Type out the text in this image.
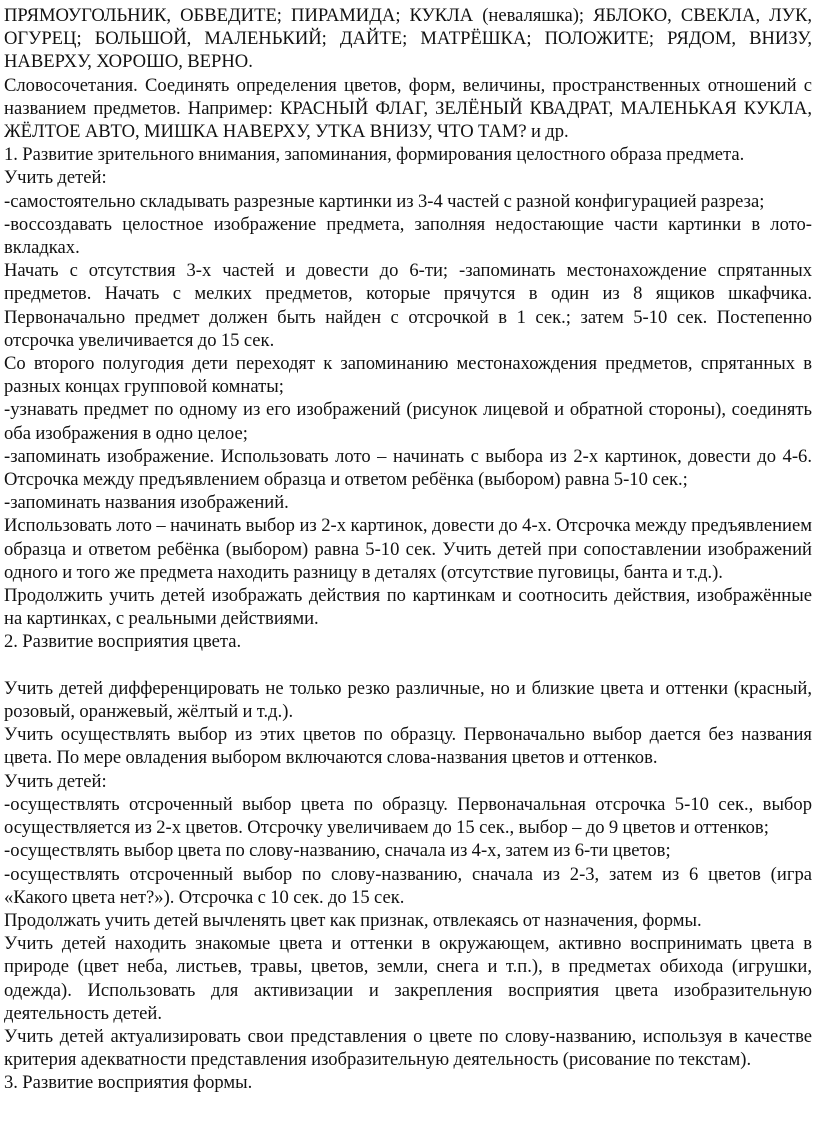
ПРЯМОУГОЛЬНИК, ОБВЕДИТЕ; ПИРАМИДА; КУКЛА (неваляшка); ЯБЛОКО, СВЕКЛА, ЛУК, ОГУРЕЦ; БОЛЬШОЙ, МАЛЕНЬКИЙ; ДАЙТЕ; МАТРЁШКА; ПОЛОЖИТЕ; РЯДОМ, ВНИЗУ, НАВЕРХУ, ХОРОШО, ВЕРНО.

Словосочетания. Соединять определения цветов, форм, величины, пространственных отношений с названием предметов. Например: КРАСНЫЙ ФЛАГ, ЗЕЛЁНЫЙ КВАДРАТ, МАЛЕНЬКАЯ КУКЛА, ЖЁЛТОЕ АВТО, МИШКА НАВЕРХУ, УТКА ВНИЗУ, ЧТО ТАМ? и др.

1. Развитие зрительного внимания, запоминания, формирования целостного образа предмета.

Учить детей:

-самостоятельно складывать разрезные картинки из 3-4 частей с разной конфигурацией разреза;

-воссоздавать целостное изображение предмета, заполняя недостающие части картинки в лото-вкладках.

Начать с отсутствия 3-х частей и довести до 6-ти; -запоминать местонахождение спрятанных предметов. Начать с мелких предметов, которые прячутся в один из 8 ящиков шкафчика. Первоначально предмет должен быть найден с отсрочкой в 1 сек.; затем 5-10 сек. Постепенно отсрочка увеличивается до 15 сек.

Со второго полугодия дети переходят к запоминанию местонахождения предметов, спрятанных в разных концах групповой комнаты;

-узнавать предмет по одному из его изображений (рисунок лицевой и обратной стороны), соединять оба изображения в одно целое;

-запоминать изображение. Использовать лото – начинать с выбора из 2-х картинок, довести до 4-6. Отсрочка между предъявлением образца и ответом ребёнка (выбором) равна 5-10 сек.;

-запоминать названия изображений.

Использовать лото – начинать выбор из 2-х картинок, довести до 4-х. Отсрочка между предъявлением образца и ответом ребёнка (выбором) равна 5-10 сек. Учить детей при сопоставлении изображений одного и того же предмета находить разницу в деталях (отсутствие пуговицы, банта и т.д.).

Продолжить учить детей изображать действия по картинкам и соотносить действия, изображённые на картинках, с реальными действиями.

2. Развитие восприятия цвета.

Учить детей дифференцировать не только резко различные, но и близкие цвета и оттенки (красный, розовый, оранжевый, жёлтый и т.д.).

Учить осуществлять выбор из этих цветов по образцу. Первоначально выбор дается без названия цвета. По мере овладения выбором включаются слова-названия цветов и оттенков.

Учить детей:

-осуществлять отсроченный выбор цвета по образцу. Первоначальная отсрочка 5-10 сек., выбор осуществляется из 2-х цветов. Отсрочку увеличиваем до 15 сек., выбор – до 9 цветов и оттенков;

-осуществлять выбор цвета по слову-названию, сначала из 4-х, затем из 6-ти цветов;

-осуществлять отсроченный выбор по слову-названию, сначала из 2-3, затем из 6 цветов (игра «Какого цвета нет?»). Отсрочка с 10 сек. до 15 сек.

Продолжать учить детей вычленять цвет как признак, отвлекаясь от назначения, формы.

Учить детей находить знакомые цвета и оттенки в окружающем, активно воспринимать цвета в природе (цвет неба, листьев, травы, цветов, земли, снега и т.п.), в предметах обихода (игрушки, одежда). Использовать для активизации и закрепления восприятия цвета изобразительную деятельность детей.

Учить детей актуализировать свои представления о цвете по слову-названию, используя в качестве критерия адекватности представления изобразительную деятельность (рисование по текстам).

3. Развитие восприятия формы.
